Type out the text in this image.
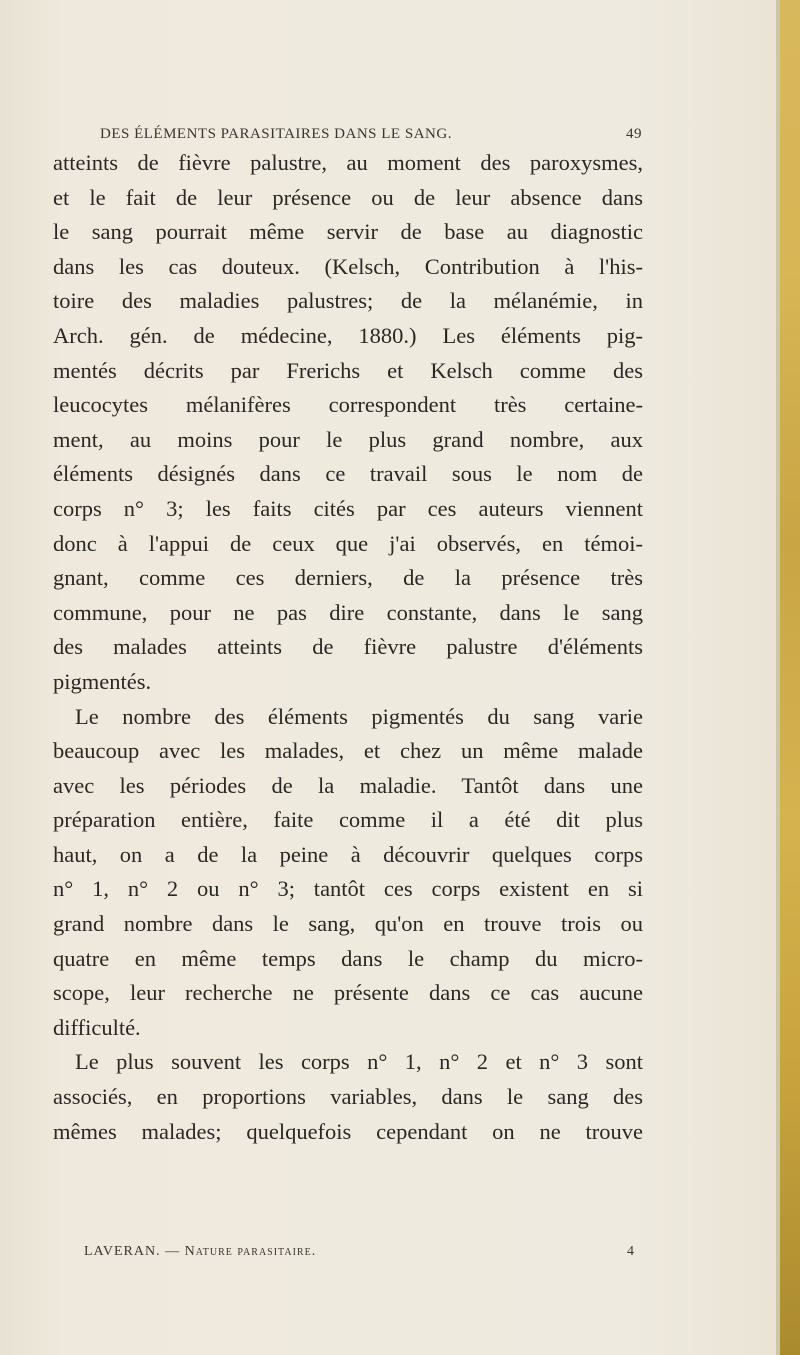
DES ÉLÉMENTS PARASITAIRES DANS LE SANG.	49
atteints de fièvre palustre, au moment des paroxysmes,
et le fait de leur présence ou de leur absence dans
le sang pourrait même servir de base au diagnostic
dans les cas douteux. (Kelsch, Contribution à l'his-
toire des maladies palustres; de la mélanémie, in
Arch. gén. de médecine, 1880.) Les éléments pig-
mentés décrits par Frerichs et Kelsch comme des
leucocytes mélanifères correspondent très certaine-
ment, au moins pour le plus grand nombre, aux
éléments désignés dans ce travail sous le nom de
corps n° 3; les faits cités par ces auteurs viennent
donc à l'appui de ceux que j'ai observés, en témoi-
gnant, comme ces derniers, de la présence très
commune, pour ne pas dire constante, dans le sang
des malades atteints de fièvre palustre d'éléments
pigmentés.
Le nombre des éléments pigmentés du sang varie
beaucoup avec les malades, et chez un même malade
avec les périodes de la maladie. Tantôt dans une
préparation entière, faite comme il a été dit plus
haut, on a de la peine à découvrir quelques corps
n° 1, n° 2 ou n° 3; tantôt ces corps existent en si
grand nombre dans le sang, qu'on en trouve trois ou
quatre en même temps dans le champ du micro-
scope, leur recherche ne présente dans ce cas aucune
difficulté.
Le plus souvent les corps n° 1, n° 2 et n° 3 sont
associés, en proportions variables, dans le sang des
mêmes malades; quelquefois cependant on ne trouve
LAVERAN. — Nature parasitaire.	4
